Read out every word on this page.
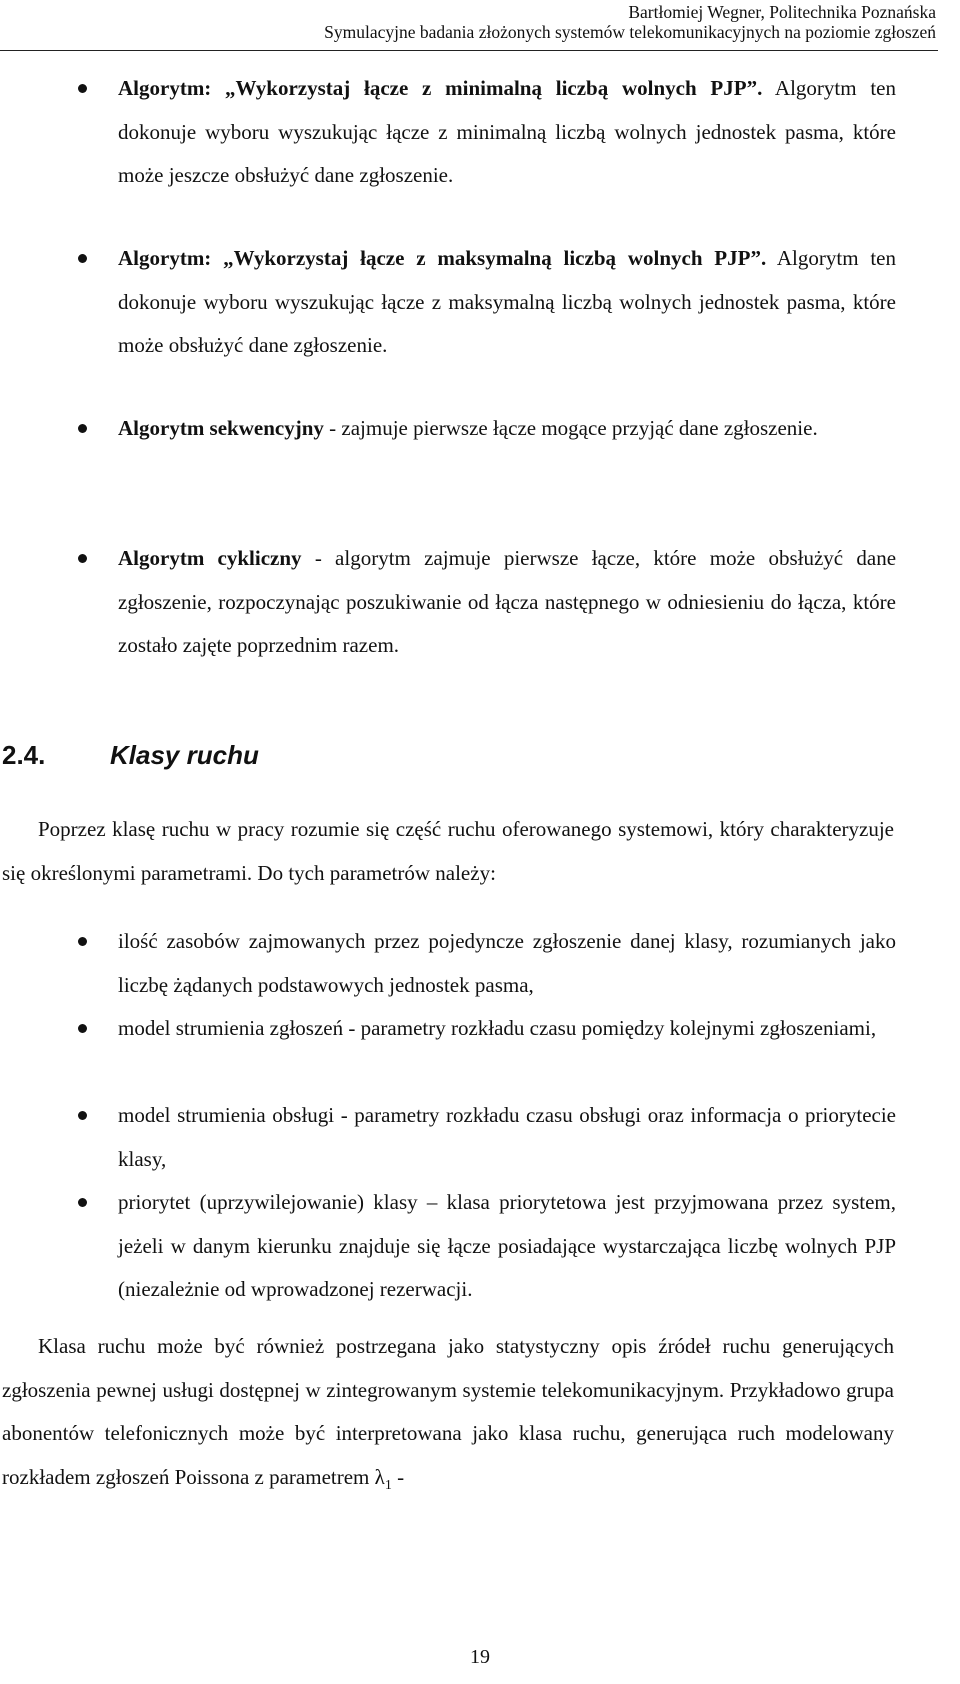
Bartłomiej Wegner, Politechnika Poznańska
Symulacyjne badania złożonych systemów telekomunikacyjnych na poziomie zgłoszeń
Algorytm: „Wykorzystaj łącze z minimalną liczbą wolnych PJP”. Algorytm ten dokonuje wyboru wyszukując łącze z minimalną liczbą wolnych jednostek pasma, które może jeszcze obsłużyć dane zgłoszenie.
Algorytm: „Wykorzystaj łącze z maksymalną liczbą wolnych PJP”. Algorytm ten dokonuje wyboru wyszukując łącze z maksymalną liczbą wolnych jednostek pasma, które może obsłużyć dane zgłoszenie.
Algorytm sekwencyjny - zajmuje pierwsze łącze mogące przyjąć dane zgłoszenie.
Algorytm cykliczny - algorytm zajmuje pierwsze łącze, które może obsłużyć dane zgłoszenie, rozpoczynając poszukiwanie od łącza następnego w odniesieniu do łącza, które zostało zajęte poprzednim razem.
2.4. Klasy ruchu
Poprzez klasę ruchu w pracy rozumie się część ruchu oferowanego systemowi, który charakteryzuje się określonymi parametrami. Do tych parametrów należy:
ilość zasobów zajmowanych przez pojedyncze zgłoszenie danej klasy, rozumianych jako liczbę żądanych podstawowych jednostek pasma,
model strumienia zgłoszeń - parametry rozkładu czasu pomiędzy kolejnymi zgłoszeniami,
model strumienia obsługi - parametry rozkładu czasu obsługi oraz informacja o priorytecie klasy,
priorytet (uprzywilejowanie) klasy – klasa priorytetowa jest przyjmowana przez system, jeżeli w danym kierunku znajduje się łącze posiadające wystarczająca liczbę wolnych PJP (niezależnie od wprowadzonej rezerwacji.
Klasa ruchu może być również postrzegana jako statystyczny opis źródeł ruchu generujących zgłoszenia pewnej usługi dostępnej w zintegrowanym systemie telekomunikacyjnym. Przykładowo grupa abonentów telefonicznych może być interpretowana jako klasa ruchu, generująca ruch modelowany rozkładem zgłoszeń Poissona z parametrem $\lambda_1$ -
19
